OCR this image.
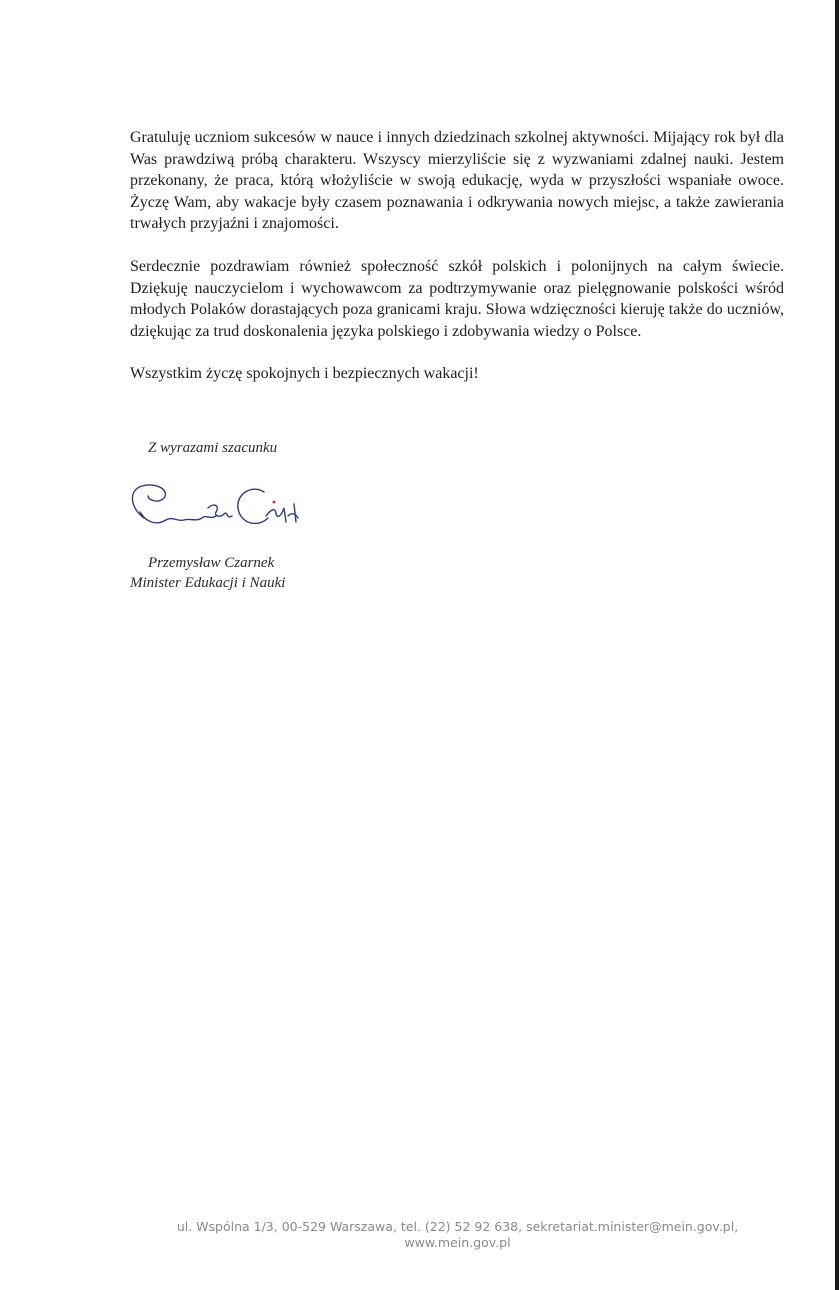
Gratuluję uczniom sukcesów w nauce i innych dziedzinach szkolnej aktywności. Mijający rok był dla Was prawdziwą próbą charakteru. Wszyscy mierzyliście się z wyzwaniami zdalnej nauki. Jestem przekonany, że praca, którą włożyliście w swoją edukację, wyda w przyszłości wspaniałe owoce. Życzę Wam, aby wakacje były czasem poznawania i odkrywania nowych miejsc, a także zawierania trwałych przyjaźni i znajomości.

Serdecznie pozdrawiam również społeczność szkół polskich i polonijnych na całym świecie. Dziękuję nauczycielom i wychowawcom za podtrzymywanie oraz pielęgnowanie polskości wśród młodych Polaków dorastających poza granicami kraju. Słowa wdzięczności kieruję także do uczniów, dziękując za trud doskonalenia języka polskiego i zdobywania wiedzy o Polsce.

Wszystkim życzę spokojnych i bezpiecznych wakacji!

Z wyrazami szacunku
Przemysław Czarnek
Minister Edukacji i Nauki
ul. Wspólna 1/3, 00-529 Warszawa, tel. (22) 52 92 638, sekretariat.minister@mein.gov.pl,
www.mein.gov.pl
